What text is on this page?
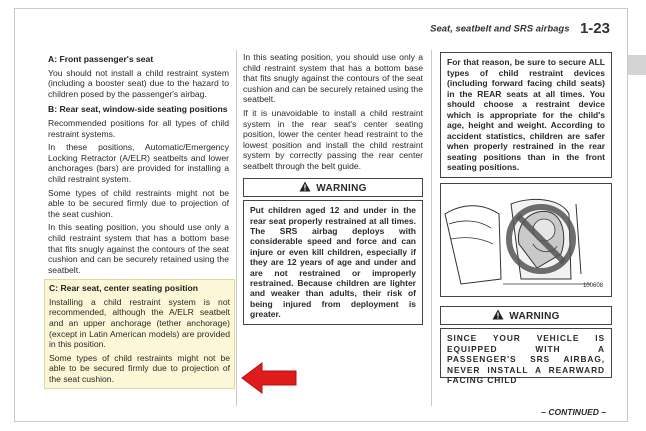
Seat, seatbelt and SRS airbags 1-23

A: Front passenger's seat

You should not install a child restraint system (including a booster seat) due to the hazard to children posed by the passenger's airbag.

B: Rear seat, window-side seating positions

Recommended positions for all types of child restraint systems.

In these positions, Automatic/Emergency Locking Retractor (A/ELR) seatbelts and lower anchorages (bars) are provided for installing a child restraint system.

Some types of child restraints might not be able to be secured firmly due to projection of the seat cushion.

In this seating position, you should use only a child restraint system that has a bottom base that fits snugly against the contours of the seat cushion and can be securely retained using the seatbelt.

C: Rear seat, center seating position

Installing a child restraint system is not recommended, although the A/ELR seatbelt and an upper anchorage (tether anchorage) (except in Latin American models) are provided in this position.

Some types of child restraints might not be able to be secured firmly due to projection of the seat cushion.

In this seating position, you should use only a child restraint system that has a bottom base that fits snugly against the contours of the seat cushion and can be securely retained using the seatbelt.

If it is unavoidable to install a child restraint system in the rear seat's center seating position, lower the center head restraint to the lowest position and install the child restraint system by correctly passing the rear center seatbelt through the belt guide.

WARNING
Put children aged 12 and under in the rear seat properly restrained at all times. The SRS airbag deploys with considerable speed and force and can injure or even kill children, especially if they are 12 years of age and under and are not restrained or improperly restrained. Because children are lighter and weaker than adults, their risk of being injured from deployment is greater.
For that reason, be sure to secure ALL types of child restraint devices (including forward facing child seats) in the REAR seats at all times. You should choose a restraint device which is appropriate for the child's age, height and weight. According to accident statistics, children are safer when properly restrained in the rear seating positions than in the front seating positions.
100608
WARNING
SINCE YOUR VEHICLE IS EQUIPPED WITH A PASSENGER'S SRS AIRBAG, NEVER INSTALL A REARWARD FACING CHILD
– CONTINUED –
